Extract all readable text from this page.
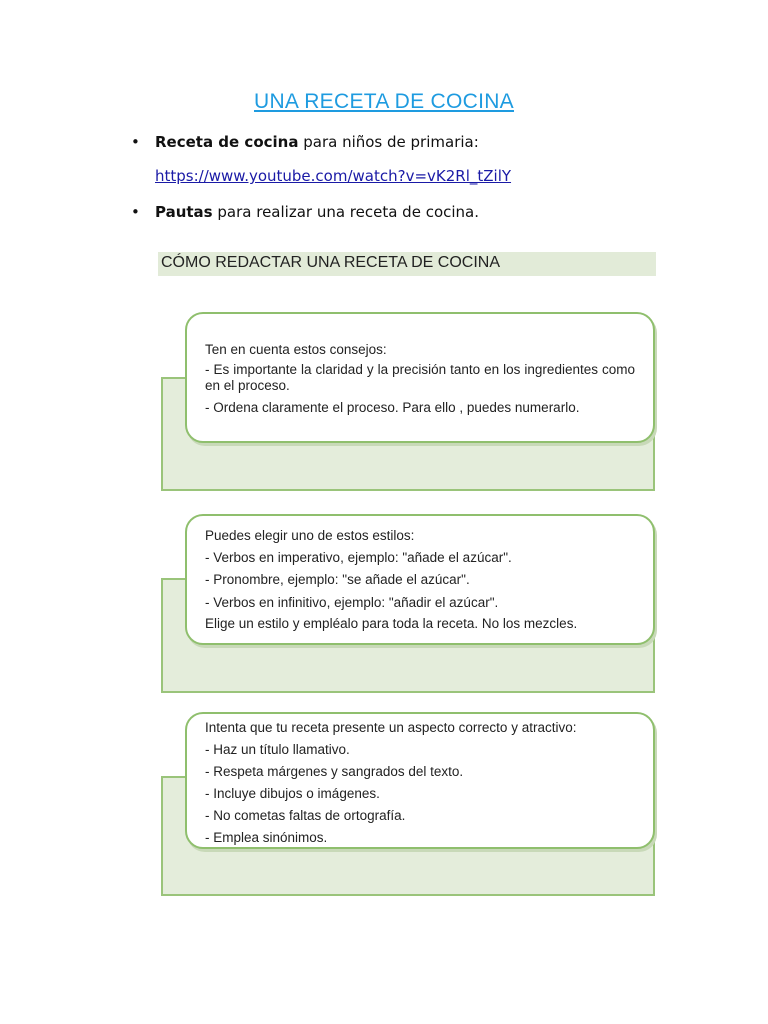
UNA RECETA DE COCINA
• Receta de cocina para niños de primaria:
https://www.youtube.com/watch?v=vK2Rl_tZilY
• Pautas para realizar una receta de cocina.
CÓMO REDACTAR UNA RECETA DE COCINA
Ten en cuenta estos consejos:
- Es importante la claridad y la precisión tanto en los ingredientes como en el proceso.
- Ordena claramente el proceso. Para ello , puedes numerarlo.
Puedes elegir uno de estos estilos:
- Verbos en imperativo, ejemplo: "añade el azúcar".
- Pronombre, ejemplo: "se añade el azúcar".
- Verbos en infinitivo, ejemplo: "añadir el azúcar".
Elige un estilo y empléalo para toda la receta. No los mezcles.
Intenta que tu receta presente un aspecto correcto y atractivo:
- Haz un título llamativo.
- Respeta márgenes y sangrados del texto.
- Incluye dibujos o imágenes.
- No cometas faltas de ortografía.
- Emplea sinónimos.
